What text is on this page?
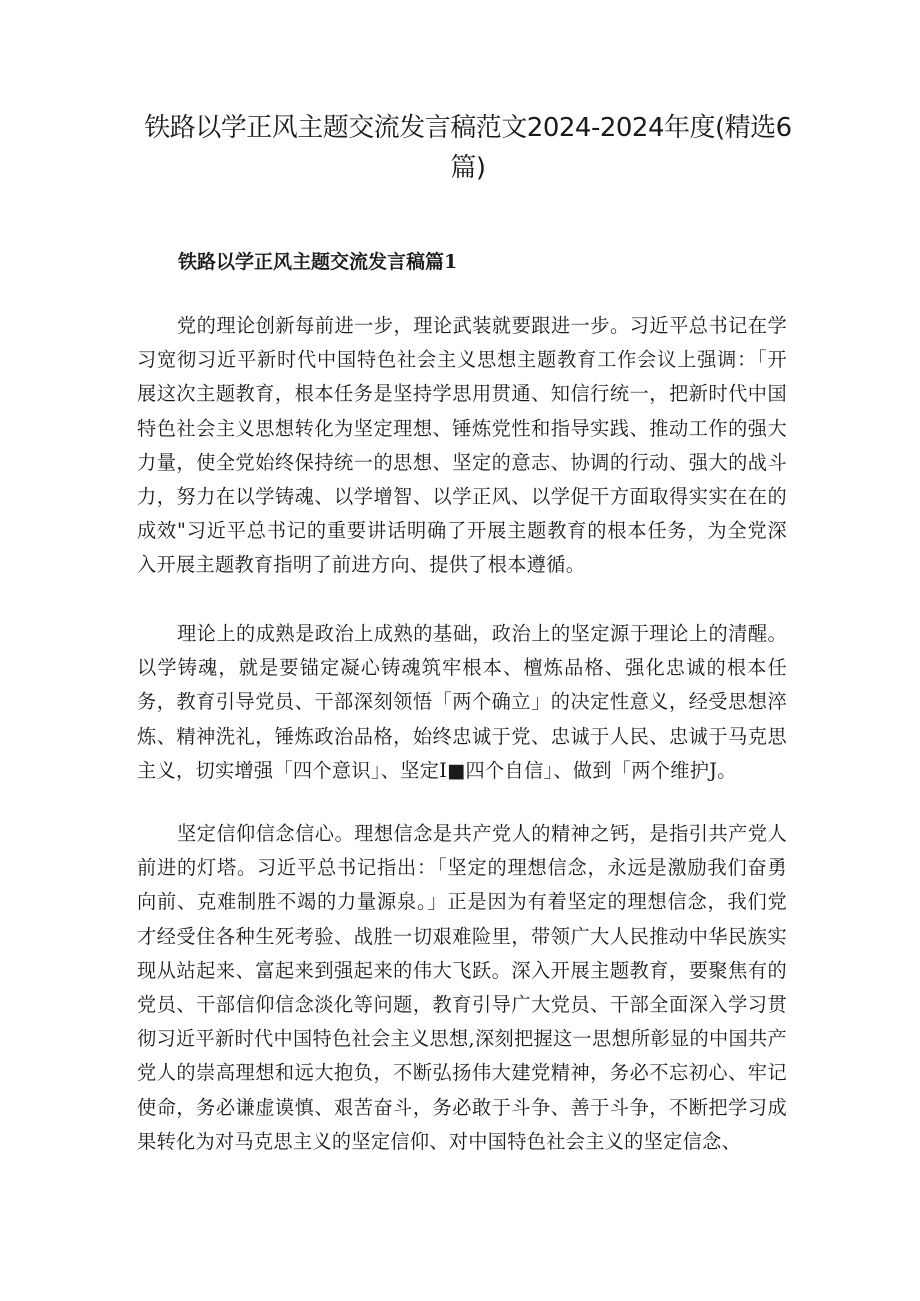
铁路以学正风主题交流发言稿范文2024-2024年度(精选6篇)
铁路以学正风主题交流发言稿篇1

党的理论创新每前进一步，理论武装就要跟进一步。习近平总书记在学习宽彻习近平新时代中国特色社会主义思想主题教育工作会议上强调：「开展这次主题教育，根本任务是坚持学思用贯通、知信行统一，把新时代中国特色社会主义思想转化为坚定理想、锤炼党性和指导实践、推动工作的强大力量，使全党始终保持统一的思想、坚定的意志、协调的行动、强大的战斗力，努力在以学铸魂、以学增智、以学正风、以学促干方面取得实实在在的成效"习近平总书记的重要讲话明确了开展主题教育的根本任务，为全党深入开展主题教育指明了前进方向、提供了根本遵循。

理论上的成熟是政治上成熟的基础，政治上的坚定源于理论上的清醒。以学铸魂，就是要锚定凝心铸魂筑牢根本、檀炼品格、强化忠诚的根本任务，教育引导党员、干部深刻领悟「两个确立」的决定性意义，经受思想淬炼、精神洗礼，锤炼政治品格，始终忠诚于党、忠诚于人民、忠诚于马克思主义，切实增强「四个意识」、坚定I■四个自信」、做到「两个维护J。

坚定信仰信念信心。理想信念是共产党人的精神之钙，是指引共产党人前进的灯塔。习近平总书记指出：「坚定的理想信念，永远是激励我们奋勇向前、克难制胜不竭的力量源泉。」正是因为有着坚定的理想信念，我们党才经受住各种生死考验、战胜一切艰难险里，带领广大人民推动中华民族实现从站起来、富起来到强起来的伟大飞跃。深入开展主题教育，要聚焦有的党员、干部信仰信念淡化等问题，教育引导广大党员、干部全面深入学习贯彻习近平新时代中国特色社会主义思想,深刻把握这一思想所彰显的中国共产党人的崇高理想和远大抱负，不断弘扬伟大建党精神，务必不忘初心、牢记使命，务必谦虚谟慎、艰苦奋斗，务必敢于斗争、善于斗争，不断把学习成果转化为对马克思主义的坚定信仰、对中国特色社会主义的坚定信念、
